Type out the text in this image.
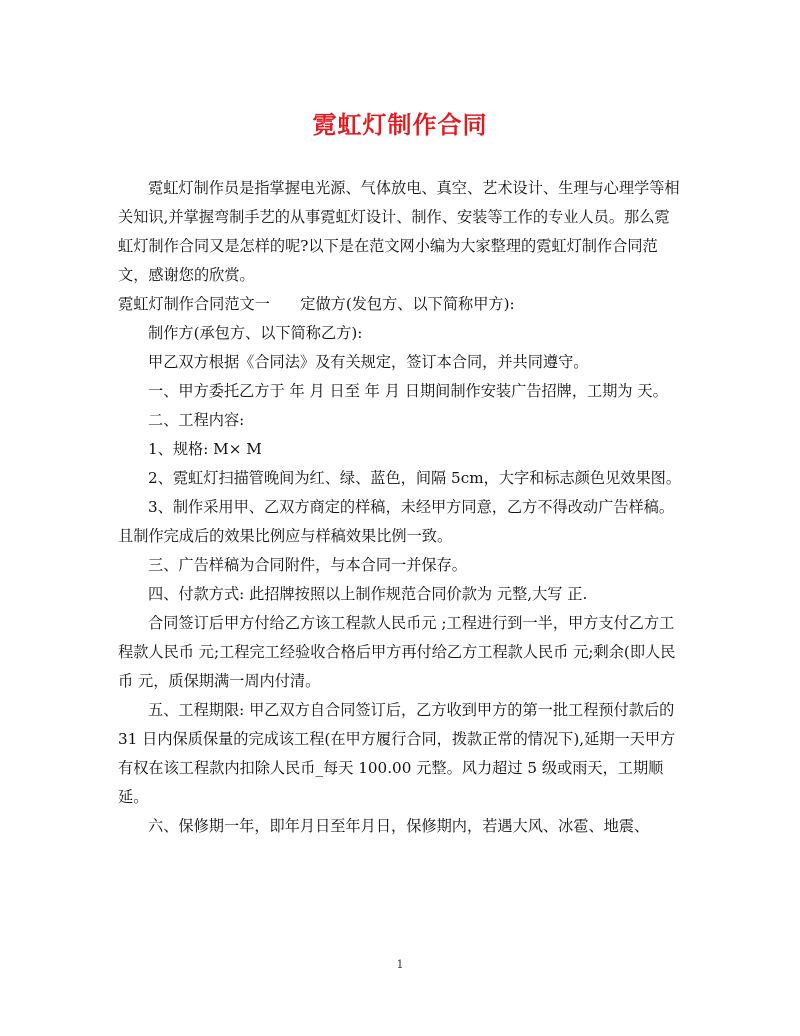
霓虹灯制作合同

霓虹灯制作员是指掌握电光源、气体放电、真空、艺术设计、生理与心理学等相关知识,并掌握弯制手艺的从事霓虹灯设计、制作、安装等工作的专业人员。那么霓虹灯制作合同又是怎样的呢?以下是在范文网小编为大家整理的霓虹灯制作合同范文，感谢您的欣赏。

霓虹灯制作合同范文一　　定做方(发包方、以下简称甲方):

制作方(承包方、以下简称乙方):

甲乙双方根据《合同法》及有关规定，签订本合同，并共同遵守。

一、甲方委托乙方于 年 月 日至 年 月 日期间制作安装广告招牌，工期为 天。

二、工程内容:

1、规格: M× M

2、霓虹灯扫描管晚间为红、绿、蓝色，间隔 5cm，大字和标志颜色见效果图。

3、制作采用甲、乙双方商定的样稿，未经甲方同意，乙方不得改动广告样稿。且制作完成后的效果比例应与样稿效果比例一致。

三、广告样稿为合同附件，与本合同一并保存。

四、付款方式: 此招牌按照以上制作规范合同价款为 元整,大写 正.

合同签订后甲方付给乙方该工程款人民币元 ;工程进行到一半，甲方支付乙方工程款人民币 元;工程完工经验收合格后甲方再付给乙方工程款人民币 元;剩余(即人民币 元，质保期满一周内付清。

五、工程期限: 甲乙双方自合同签订后，乙方收到甲方的第一批工程预付款后的 31 日内保质保量的完成该工程(在甲方履行合同，拨款正常的情况下),延期一天甲方有权在该工程款内扣除人民币_每天 100.00 元整。风力超过 5 级或雨天，工期顺延。

六、保修期一年，即年月日至年月日，保修期内，若遇大风、冰雹、地震、

1
